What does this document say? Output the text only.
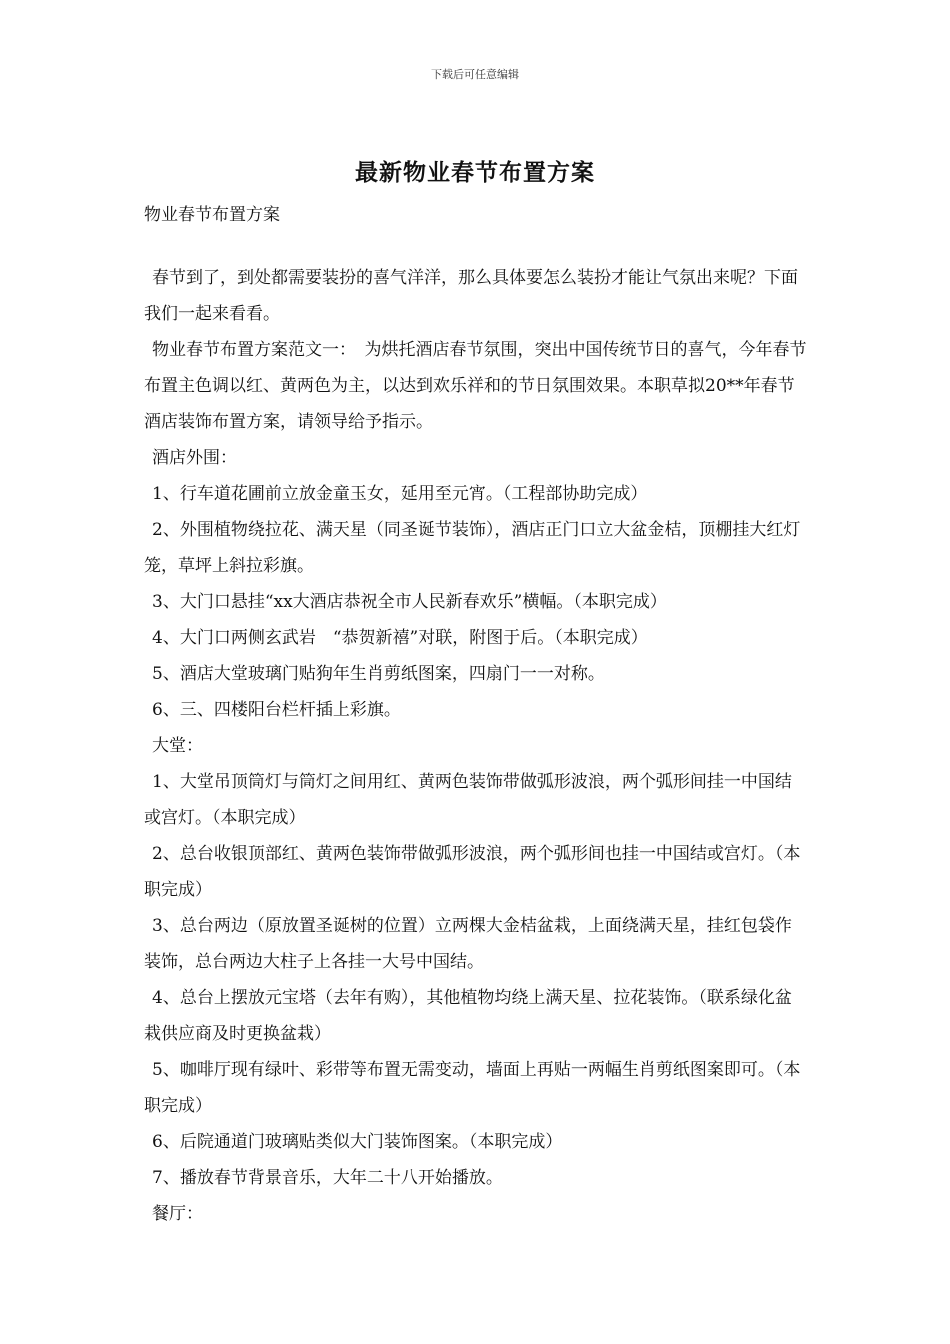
下载后可任意编辑
最新物业春节布置方案
物业春节布置方案

春节到了，到处都需要装扮的喜气洋洋，那么具体要怎么装扮才能让气氛出来呢？下面我们一起来看看。

物业春节布置方案范文一：　为烘托酒店春节氛围，突出中国传统节日的喜气，今年春节布置主色调以红、黄两色为主，以达到欢乐祥和的节日氛围效果。本职草拟20**年春节酒店装饰布置方案，请领导给予指示。

酒店外围：

1、行车道花圃前立放金童玉女，延用至元宵。（工程部协助完成）

2、外围植物绕拉花、满天星（同圣诞节装饰），酒店正门口立大盆金桔，顶棚挂大红灯笼，草坪上斜拉彩旗。

3、大门口悬挂“xx大酒店恭祝全市人民新春欢乐”横幅。（本职完成）

4、大门口两侧玄武岩　“恭贺新禧”对联，附图于后。（本职完成）

5、酒店大堂玻璃门贴狗年生肖剪纸图案，四扇门一一对称。

6、三、四楼阳台栏杆插上彩旗。

大堂：

1、大堂吊顶筒灯与筒灯之间用红、黄两色装饰带做弧形波浪，两个弧形间挂一中国结或宫灯。（本职完成）

2、总台收银顶部红、黄两色装饰带做弧形波浪，两个弧形间也挂一中国结或宫灯。（本职完成）

3、总台两边（原放置圣诞树的位置）立两棵大金桔盆栽，上面绕满天星，挂红包袋作装饰，总台两边大柱子上各挂一大号中国结。

4、总台上摆放元宝塔（去年有购），其他植物均绕上满天星、拉花装饰。（联系绿化盆栽供应商及时更换盆栽）

5、咖啡厅现有绿叶、彩带等布置无需变动，墙面上再贴一两幅生肖剪纸图案即可。（本职完成）

6、后院通道门玻璃贴类似大门装饰图案。（本职完成）

7、播放春节背景音乐，大年二十八开始播放。

餐厅：
